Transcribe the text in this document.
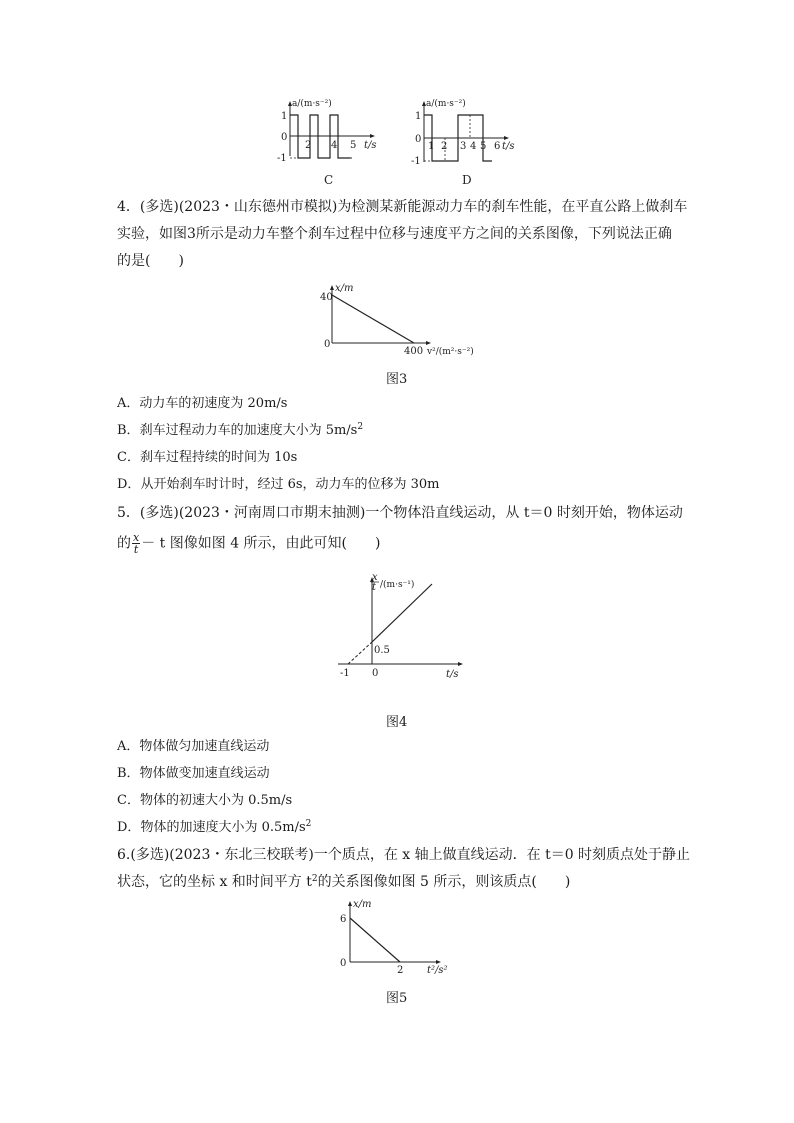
a/(m·s⁻²)
t/s
1
0
-1
2 4 5
C
a/(m·s⁻²)
t/s
1
0
-1
1 2 3 4 5 6
D
4．(多选)(2023・山东德州市模拟)为检测某新能源动力车的刹车性能，在平直公路上做刹车
实验，如图3所示是动力车整个刹车过程中位移与速度平方之间的关系图像，下列说法正确
的是(　　)
x/m
40
0
400 v²/(m²·s⁻²)
图3
A．动力车的初速度为 20m/s
B．刹车过程动力车的加速度大小为 $5m/s^2$
C．刹车过程持续的时间为 10s
D．从开始刹车时计时，经过 6s，动力车的位移为 30m
5．(多选)(2023・河南周口市期末抽测)一个物体沿直线运动，从 t＝0 时刻开始，物体运动
的 $\frac{x}{t} - t$ 图像如图 4 所示，由此可知(　　)
x
t /(m·s⁻¹)
0.5
-1 0	t/s
图4
A．物体做匀加速直线运动
B．物体做变加速直线运动
C．物体的初速大小为 0.5m/s
D．物体的加速度大小为 $0.5m/s^2$
6.(多选)(2023・东北三校联考)一个质点，在 x 轴上做直线运动．在 t＝0 时刻质点处于静止
状态，它的坐标 x 和时间平方 $t^2$的关系图像如图 5 所示，则该质点(　　)
x/m
6
0
2 t²/s²
图5
